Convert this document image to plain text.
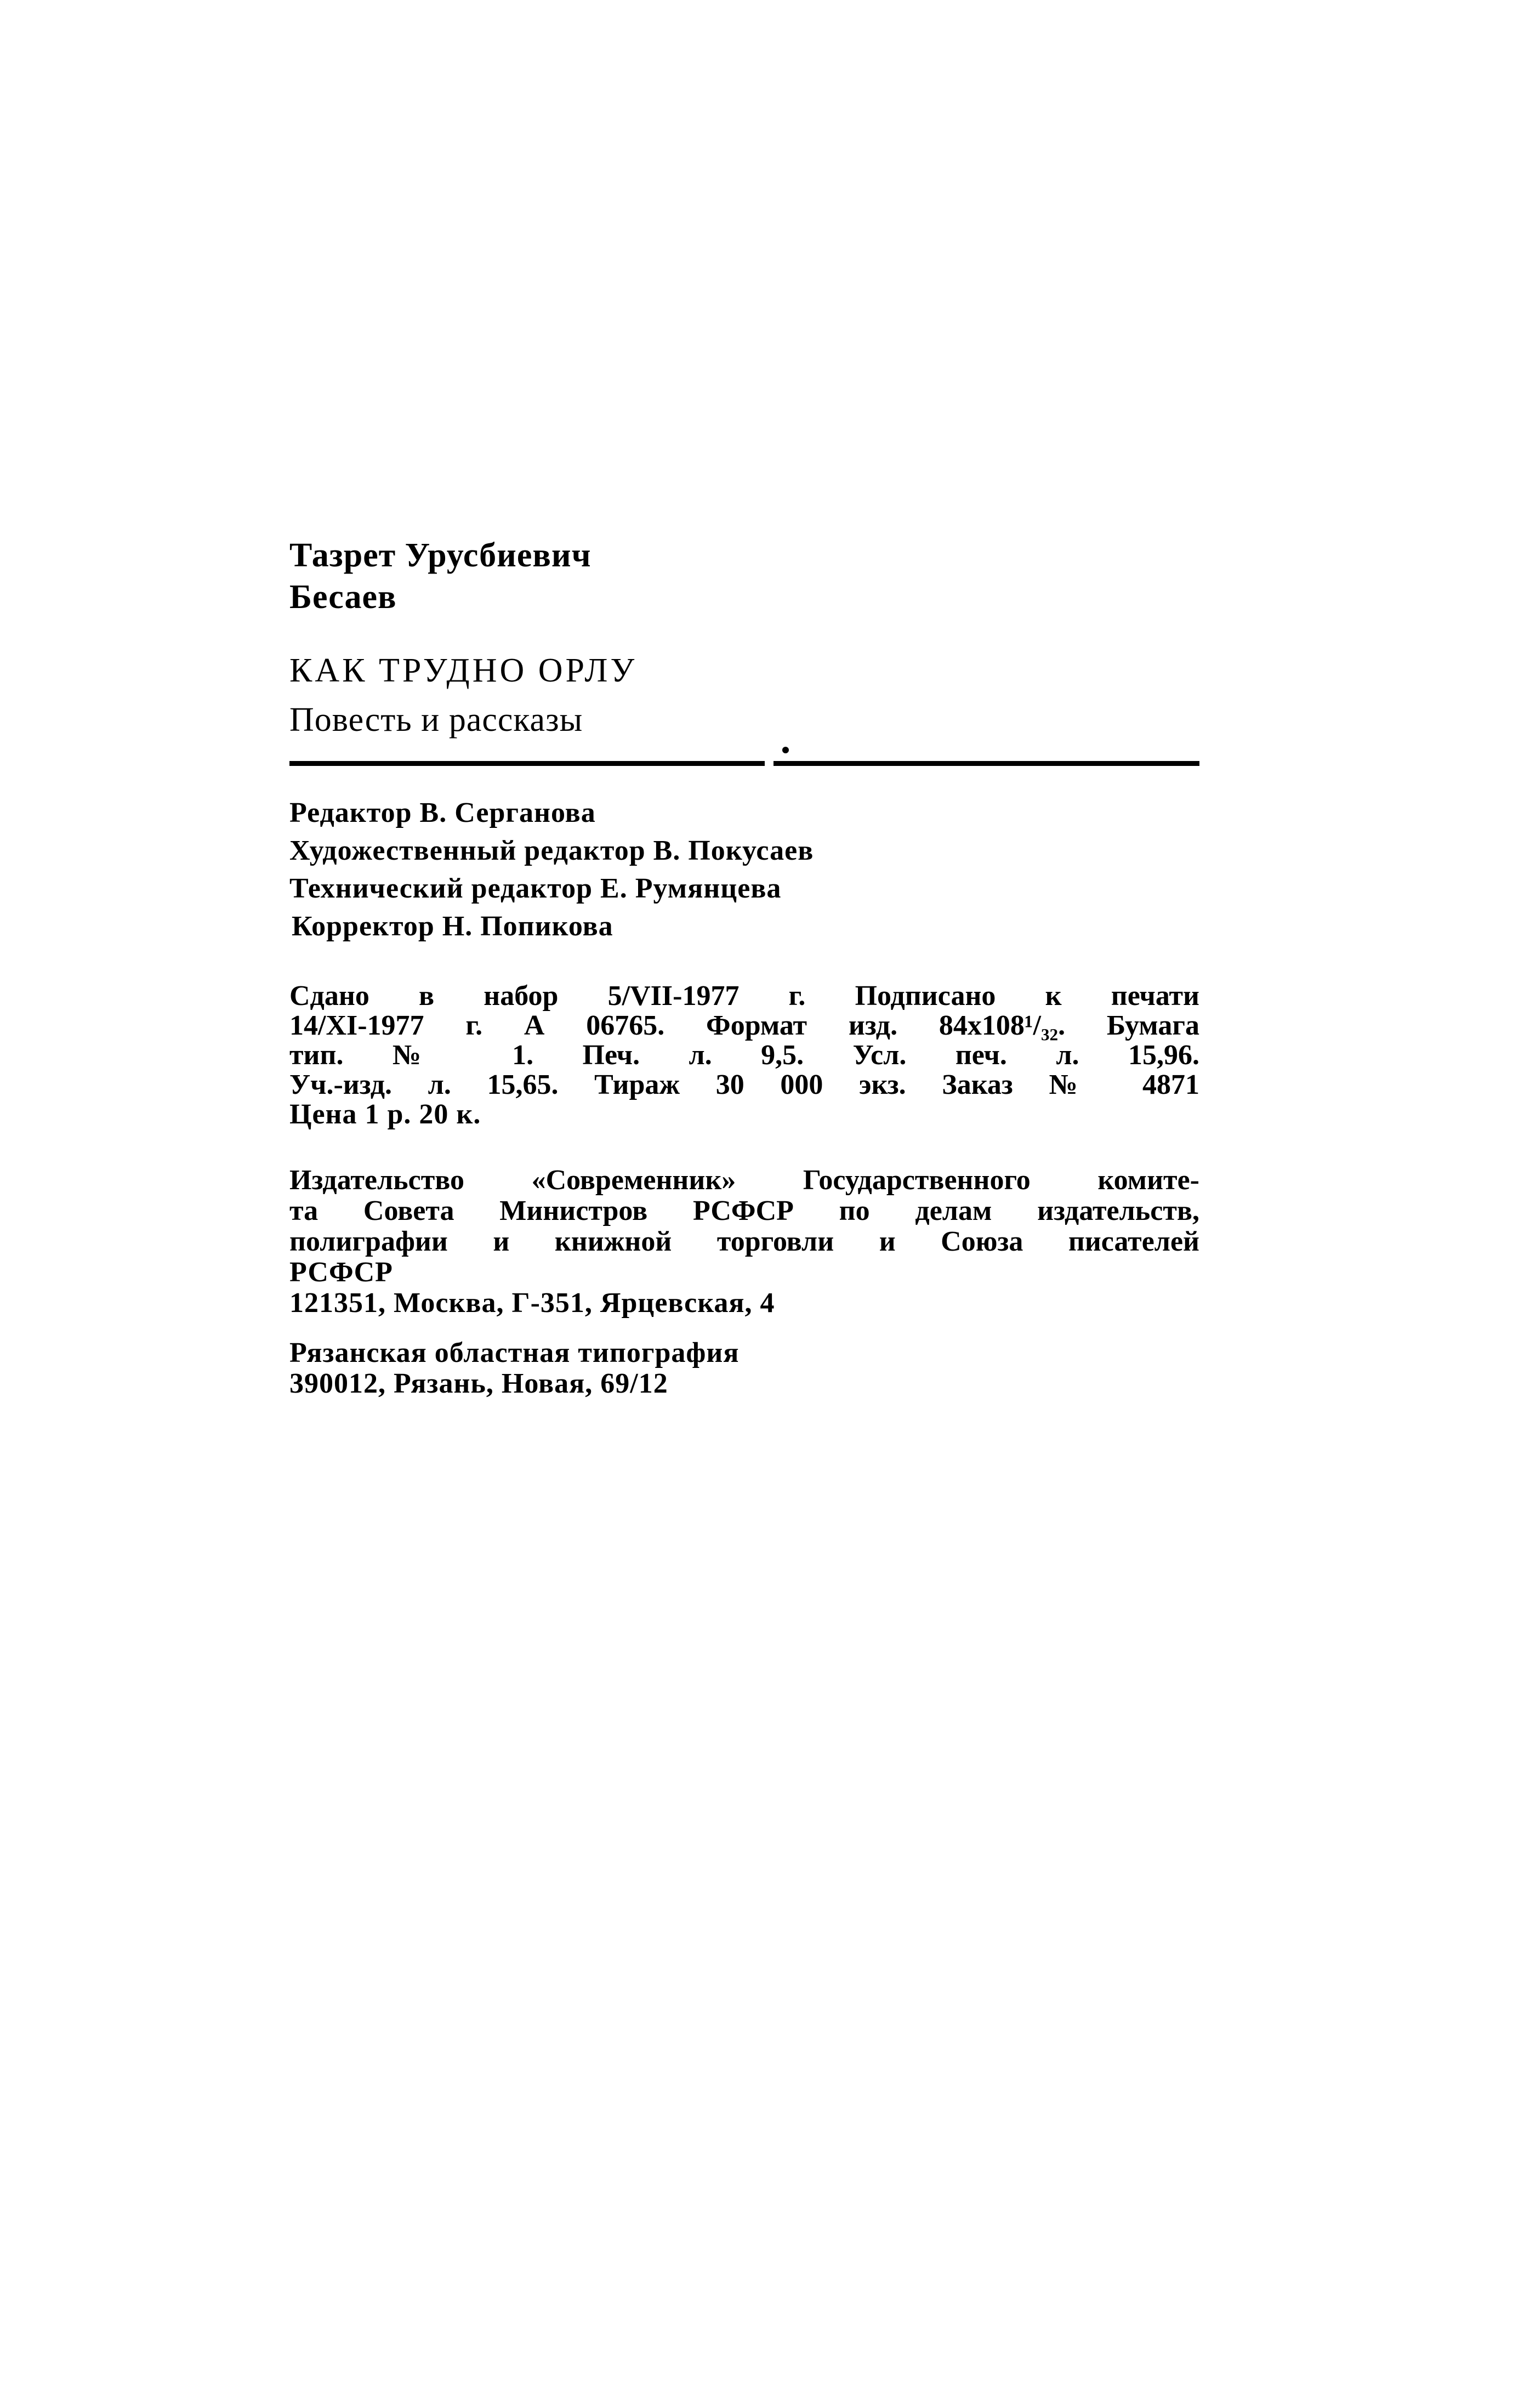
Тазрет Урусбиевич
Бесаев
КАК ТРУДНО ОРЛУ
Повесть и рассказы
Редактор В. Серганова
Художественный редактор В. Покусаев
Технический редактор Е. Румянцева
Корректор Н. Попикова
Сдано в набор 5/VII-1977 г. Подписано к печати
14/XI-1977 г. А 06765. Формат изд. 84x108¹/₃₂. Бумага
тип. № 1. Печ. л. 9,5. Усл. печ. л. 15,96.
Уч.-изд. л. 15,65. Тираж 30 000 экз. Заказ № 4871
Цена 1 р. 20 к.
Издательство «Современник» Государственного комите-
та Совета Министров РСФСР по делам издательств,
полиграфии и книжной торговли и Союза писателей
РСФСР
121351, Москва, Г-351, Ярцевская, 4
Рязанская областная типография
390012, Рязань, Новая, 69/12
